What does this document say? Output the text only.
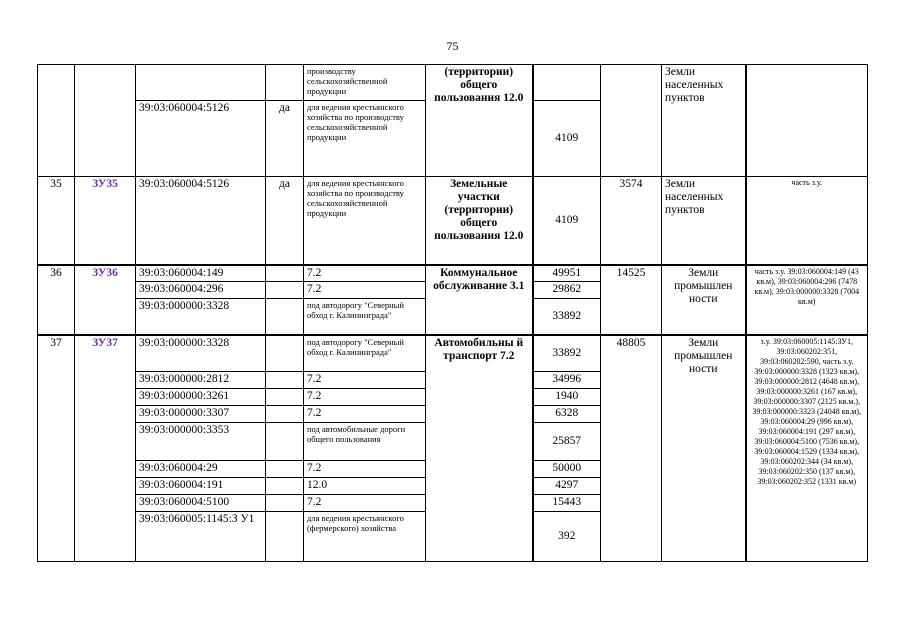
75
				производству сельскохозяйственной продукции	(территории) общего пользования 12.0			Земли населенных пунктов	
		39:03:060004:5126	да	для ведения крестьянского хозяйства по производству сельскохозяйственной продукции		4109			
35	ЗУ35	39:03:060004:5126	да	для ведения крестьянского хозяйства по производству сельскохозяйственной продукции	Земельные участки (территории) общего пользования 12.0	4109	3574	Земли населенных пунктов	часть з.у.
36	ЗУ36	39:03:060004:149		7.2	Коммунальное обслуживание 3.1	49951	14525	Земли промышлен ности	часть з.у. 39:03:060004:149 (43 кв.м), 39:03:060004:296 (7478 кв.м), 39:03:000000:3328 (7004 кв.м)
		39:03:060004:296		7.2		29862			
		39:03:000000:3328		под автодорогу "Северный обход г. Калининграда"		33892			
37	ЗУ37	39:03:000000:3328		под автодорогу "Северный обход г. Калининграда"	Автомобильны й транспорт 7.2	33892	48805	Земли промышлен ности	з.у. 39:03:060005:1145:ЗУ1, 39:03:060202:351, 39:03:060202:590, часть з.у. 39:03:000000:3328 (1323 кв.м), 39:03:000000:2812 (4648 кв.м), 39:03:000000:3261 (167 кв.м), 39:03:000000:3307 (2125 кв.м.), 39:03:000000:3323 (24048 кв.м), 39:03:060004:29 (996 кв.м), 39:03:060004:191 (297 кв.м), 39:03:060004:5100 (7536 кв.м), 39:03:060004:1529 (1334 кв.м), 39:03:060202:344 (34 кв.м), 39:03:060202:350 (137 кв.м), 39:03:060202:352 (1331 кв.м)
		39:03:000000:2812		7.2		34996			
		39:03:000000:3261		7.2		1940			
		39:03:000000:3307		7.2		6328			
		39:03:000000:3353		под автомобильные дороги общего пользования		25857			
		39:03:060004:29		7.2		50000			
		39:03:060004:191		12.0		4297			
		39:03:060004:5100		7.2		15443			
		39:03:060005:1145:З У1		для ведения крестьянского (фермерского) хозяйства		392			
